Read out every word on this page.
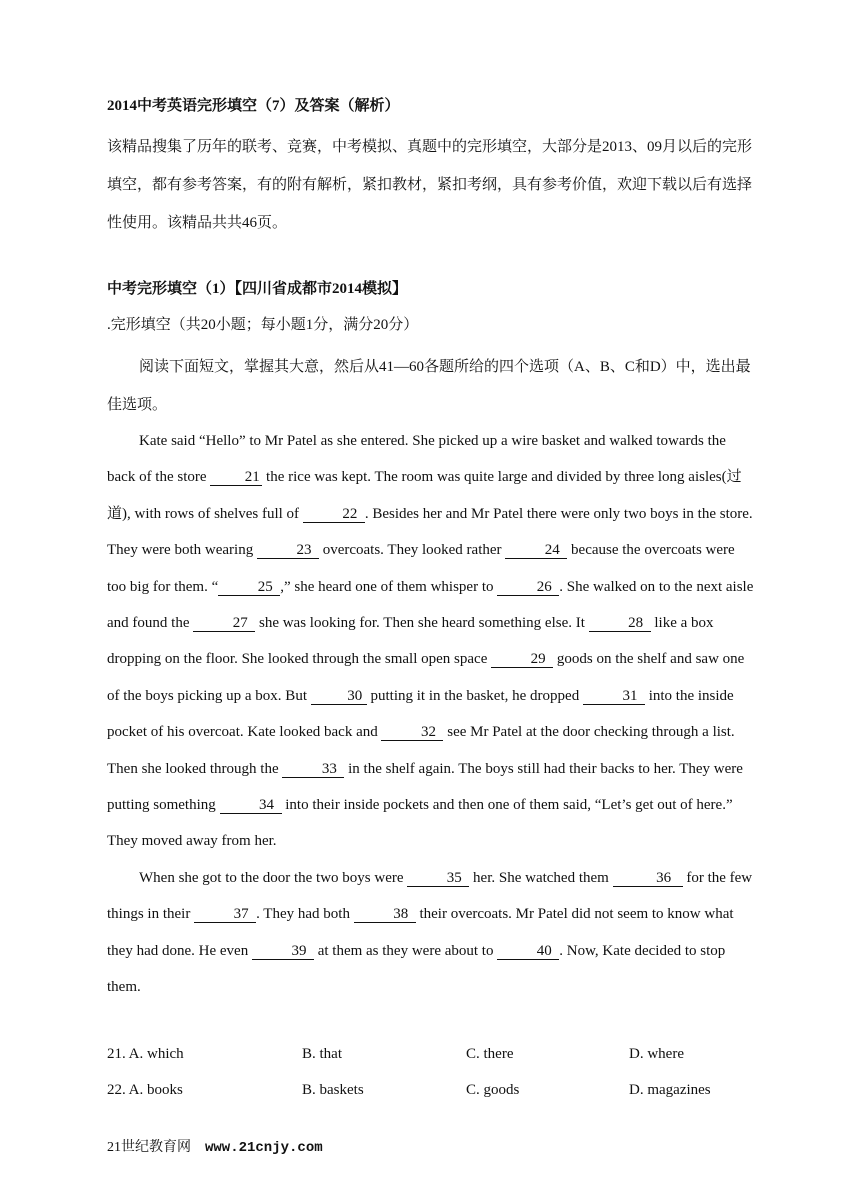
2014中考英语完形填空（7）及答案（解析）

该精品搜集了历年的联考、竞赛，中考模拟、真题中的完形填空，大部分是2013、09月以后的完形填空，都有参考答案，有的附有解析，紧扣教材，紧扣考纲，具有参考价值，欢迎下载以后有选择性使用。该精品共共46页。

中考完形填空（1）【四川省成都市2014模拟】
.完形填空（共20小题；每小题1分，满分20分）

阅读下面短文，掌握其大意，然后从41—60各题所给的四个选项（A、B、C和D）中，选出最佳选项。

Kate said “Hello” to Mr Patel as she entered. She picked up a wire basket and walked towards the back of the store 21 the rice was kept. The room was quite large and divided by three long aisles(过道), with rows of shelves full of	22 . Besides her and Mr Patel there were only two boys in the store. They were both wearing	23 overcoats. They looked rather	24 because the overcoats were too big for them. “	25 ,” she heard one of them whisper to	26 . She walked on to the next aisle and found the	27 she was looking for. Then she heard something else. It	28 like a box dropping on the floor. She looked through the small open space	29 goods on the shelf and saw one of the boys picking up a box. But 30 putting it in the basket, he dropped	31 into the inside pocket of his overcoat. Kate looked back and	32 see Mr Patel at the door checking through a list. Then she looked through the	33 in the shelf again. The boys still had their backs to her. They were putting something	34 into their inside pockets and then one of them said, “Let’s get out of here.” They moved away from her.

When she got to the door the two boys were	35 her. She watched them	36 for the few things in their	37 . They had both	38 their overcoats. Mr Patel did not seem to know what they had done. He even	39 at them as they were about to	40 . Now, Kate decided to stop them.

21. A. which	B. that	C. there	D. where
22. A. books	B. baskets	C. goods	D. magazines
21世纪教育网 www.21cnjy.com
